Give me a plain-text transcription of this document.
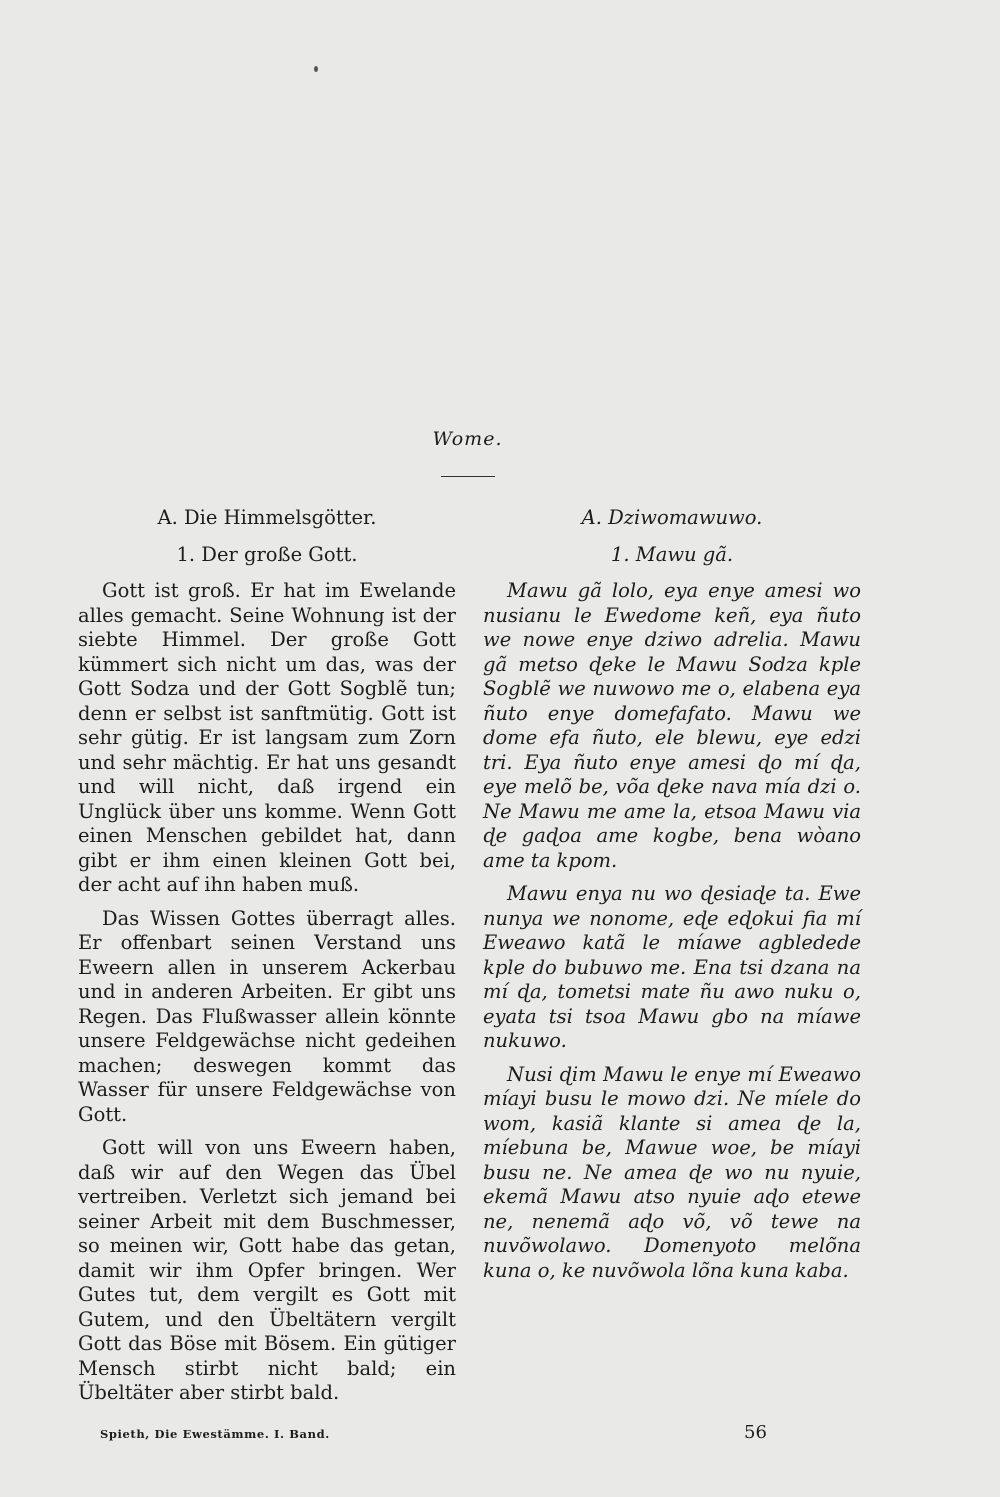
Wome.
A. Die Himmelsgötter.
1. Der große Gott.

Gott ist groß. Er hat im Ewelande alles gemacht. Seine Wohnung ist der siebte Himmel. Der große Gott kümmert sich nicht um das, was der Gott Sodza und der Gott Sogblẽ tun; denn er selbst ist sanftmütig. Gott ist sehr gütig. Er ist langsam zum Zorn und sehr mächtig. Er hat uns gesandt und will nicht, daß irgend ein Unglück über uns komme. Wenn Gott einen Menschen gebildet hat, dann gibt er ihm einen kleinen Gott bei, der acht auf ihn haben muß.

Das Wissen Gottes überragt alles. Er offenbart seinen Verstand uns Eweern allen in unserem Ackerbau und in anderen Arbeiten. Er gibt uns Regen. Das Flußwasser allein könnte unsere Feldgewächse nicht gedeihen machen; deswegen kommt das Wasser für unsere Feldgewächse von Gott.

Gott will von uns Eweern haben, daß wir auf den Wegen das Übel vertreiben. Verletzt sich jemand bei seiner Arbeit mit dem Buschmesser, so meinen wir, Gott habe das getan, damit wir ihm Opfer bringen. Wer Gutes tut, dem vergilt es Gott mit Gutem, und den Übeltätern vergilt Gott das Böse mit Bösem. Ein gütiger Mensch stirbt nicht bald; ein Übeltäter aber stirbt bald.

A. Dziwomawuwo.
1. Mawu gã.

Mawu gã lolo, eya enye amesi wo nusianu le Ewedome keñ, eya ñuto we nowe enye dziwo adrelia. Mawu gã metso ɖeke le Mawu Sodza kple Sogblẽ we nuwowo me o, elabena eya ñuto enye domefafato. Mawu we dome efa ñuto, ele blewu, eye edzi tri. Eya ñuto enye amesi ɖo mí ɖa, eye melõ be, võa ɖeke nava mía dzi o. Ne Mawu me ame la, etsoa Mawu via ɖe gaɖoa ame kogbe, bena wòano ame ta kpom.

Mawu enya nu wo ɖesiaɖe ta. Ewe nunya we nonome, eɖe eɖokui fia mí Eweawo katã le míawe agbledede kple do bubuwo me. Ena tsi dzana na mí ɖa, tometsi mate ñu awo nuku o, eyata tsi tsoa Mawu gbo na míawe nukuwo.

Nusi ɖim Mawu le enye mí Eweawo míayi busu le mowo dzi. Ne míele do wom, kasiã klante si amea ɖe la, míebuna be, Mawue woe, be míayi busu ne. Ne amea ɖe wo nu nyuie, ekemã Mawu atso nyuie aɖo etewe ne, nenemã aɖo võ, võ tewe na nuvõwolawo. Domenyoto melõna kuna o, ke nuvõwola lõna kuna kaba.

Spieth, Die Ewestämme. I. Band.	56
